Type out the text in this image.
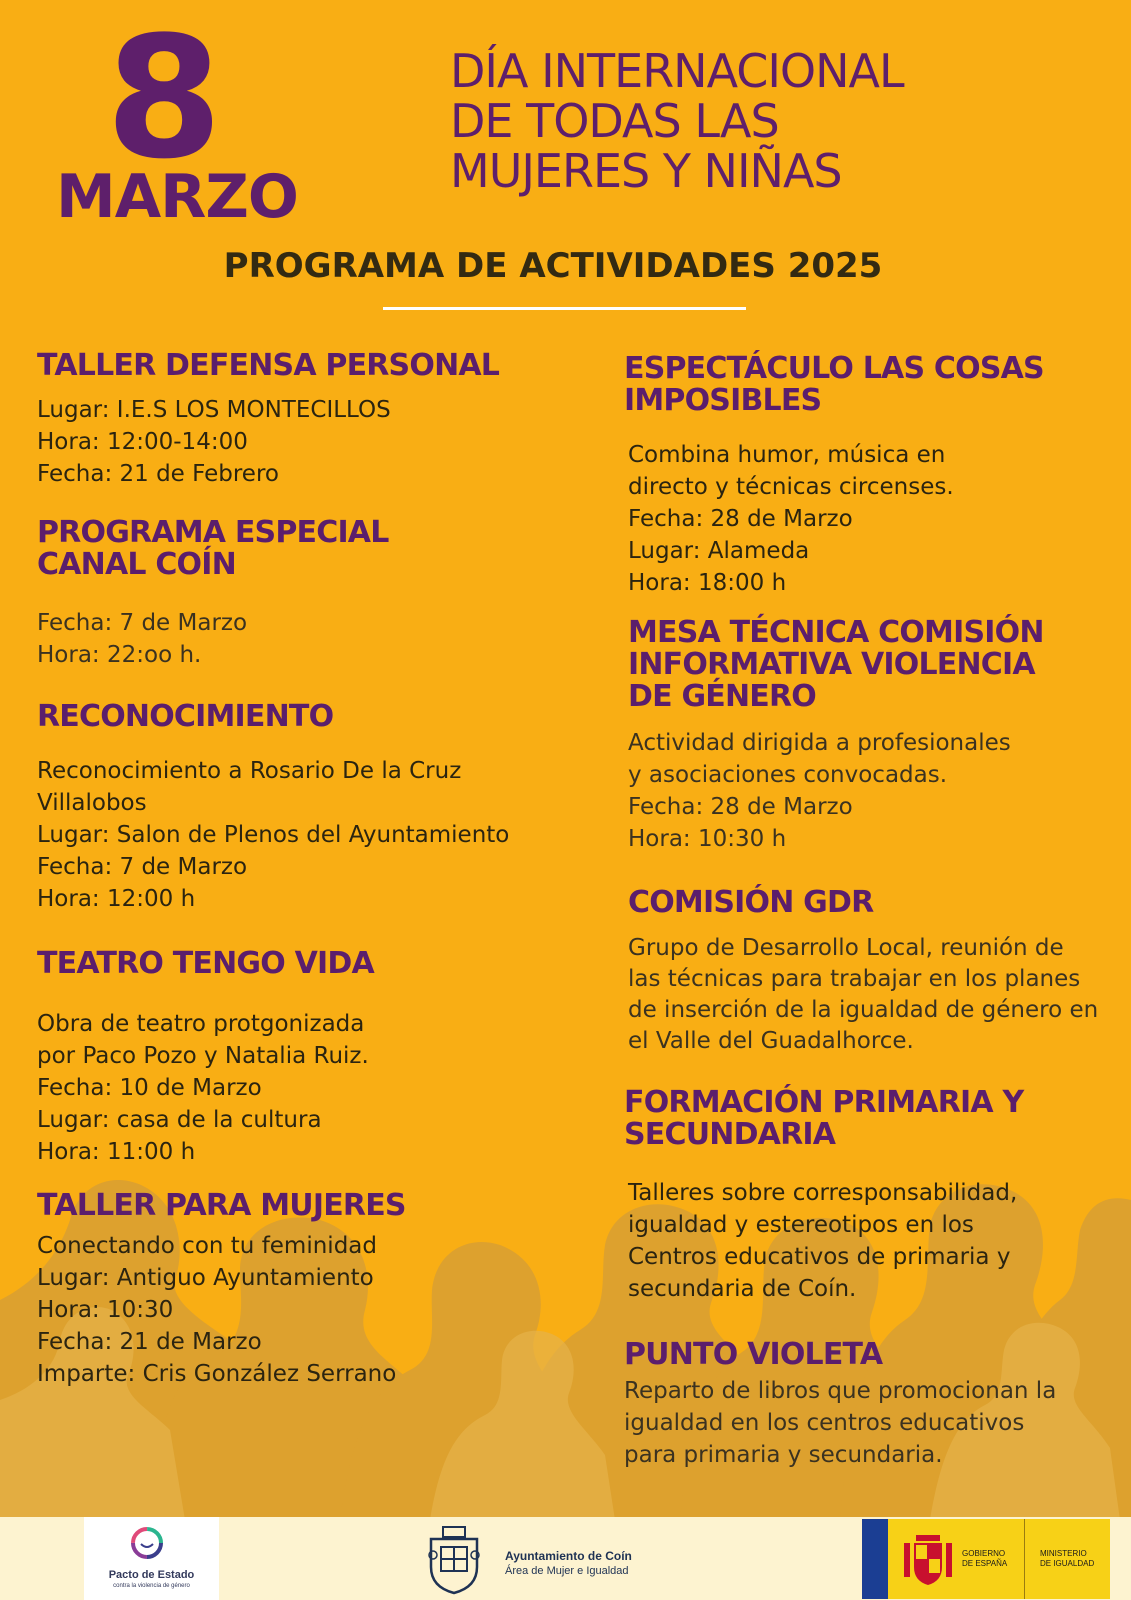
8
MARZO
DÍA INTERNACIONAL
DE TODAS LAS
MUJERES Y NIÑAS
PROGRAMA DE ACTIVIDADES 2025
TALLER DEFENSA PERSONAL

Lugar: I.E.S LOS MONTECILLOS

Hora: 12:00-14:00

Fecha: 21 de Febrero

PROGRAMA ESPECIAL
CANAL COÍN

Fecha: 7 de Marzo

Hora: 22:oo h.

RECONOCIMIENTO

Reconocimiento a Rosario De la Cruz

Villalobos

Lugar: Salon de Plenos del Ayuntamiento

Fecha: 7 de Marzo

Hora: 12:00 h

TEATRO TENGO VIDA

Obra de teatro protgonizada

por Paco Pozo y Natalia Ruiz.

Fecha: 10 de Marzo

Lugar: casa de la cultura

Hora: 11:00 h

TALLER PARA MUJERES

Conectando con tu feminidad

Lugar: Antiguo Ayuntamiento

Hora: 10:30

Fecha: 21 de Marzo

Imparte: Cris González Serrano

ESPECTÁCULO LAS COSAS
IMPOSIBLES

Combina humor, música en

directo y técnicas circenses.

Fecha: 28 de Marzo

Lugar: Alameda

Hora: 18:00 h

MESA TÉCNICA COMISIÓN
INFORMATIVA VIOLENCIA
DE GÉNERO

Actividad dirigida a profesionales

y asociaciones convocadas.

Fecha: 28 de Marzo

Hora: 10:30 h

COMISIÓN GDR

Grupo de Desarrollo Local, reunión de

las técnicas para trabajar en los planes

de inserción de la igualdad de género en

el Valle del Guadalhorce.

FORMACIÓN PRIMARIA Y
SECUNDARIA

Talleres sobre corresponsabilidad,

igualdad y estereotipos en los

Centros educativos de primaria y

secundaria de Coín.

PUNTO VIOLETA

Reparto de libros que promocionan la

igualdad en los centros educativos

para primaria y secundaria.

Pacto de Estado
contra la violencia de género
Ayuntamiento de Coín
Área de Mujer e Igualdad
GOBIERNO
DE ESPAÑA
MINISTERIO
DE IGUALDAD
